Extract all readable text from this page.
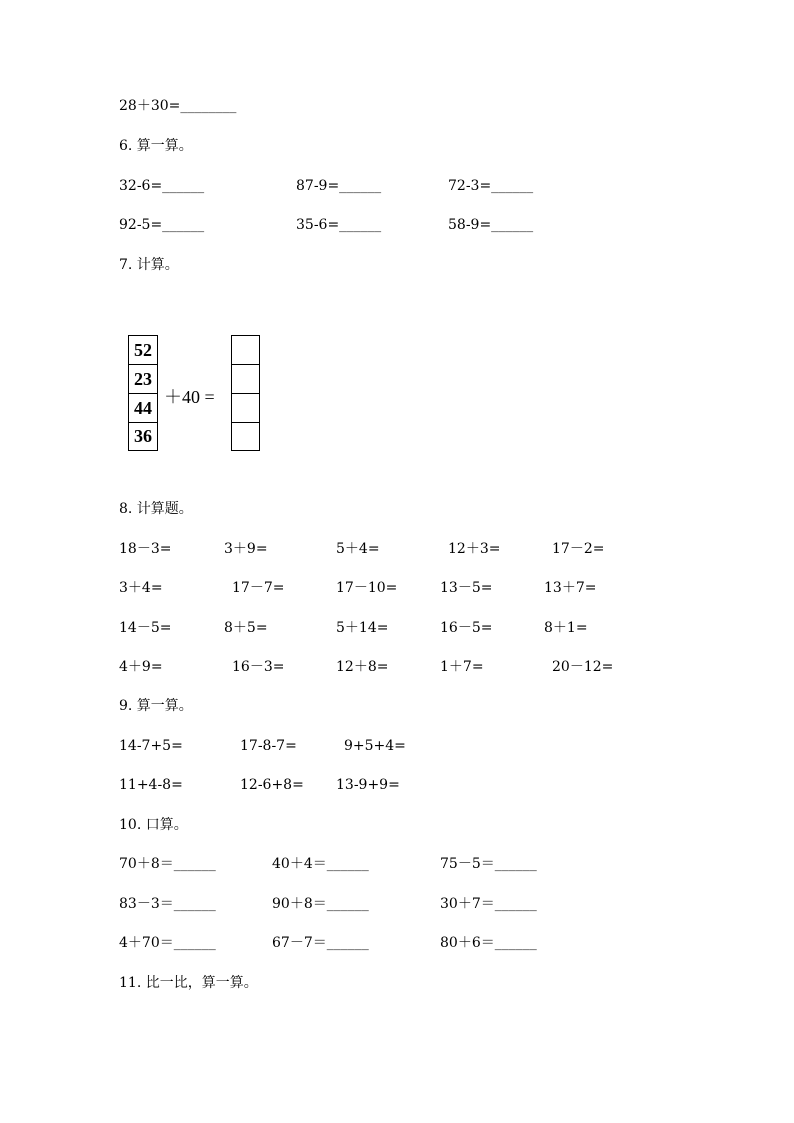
28＋30=________
6. 算一算。
32-6=______	87-9=______	72-3=______
92-5=______	35-6=______	58-9=______
7. 计算。
52
23
44
36
＋40 =
8. 计算题。
18－3=	3＋9=	5＋4=	12＋3=	17－2=
3＋4=	17－7=	17－10=	13－5=	13＋7=
14－5=	8＋5=	5＋14=	16－5=	8＋1=
4＋9=	16－3=	12＋8=	1＋7=	20－12=
9. 算一算。
14-7+5=	17-8-7=	9+5+4=
11+4-8=	12-6+8= 13-9+9=
10. 口算。
70＋8＝______	40＋4＝______	75－5＝______
83－3＝______	90＋8＝______	30＋7＝______
4＋70＝______	67－7＝______	80＋6＝______
11. 比一比，算一算。
